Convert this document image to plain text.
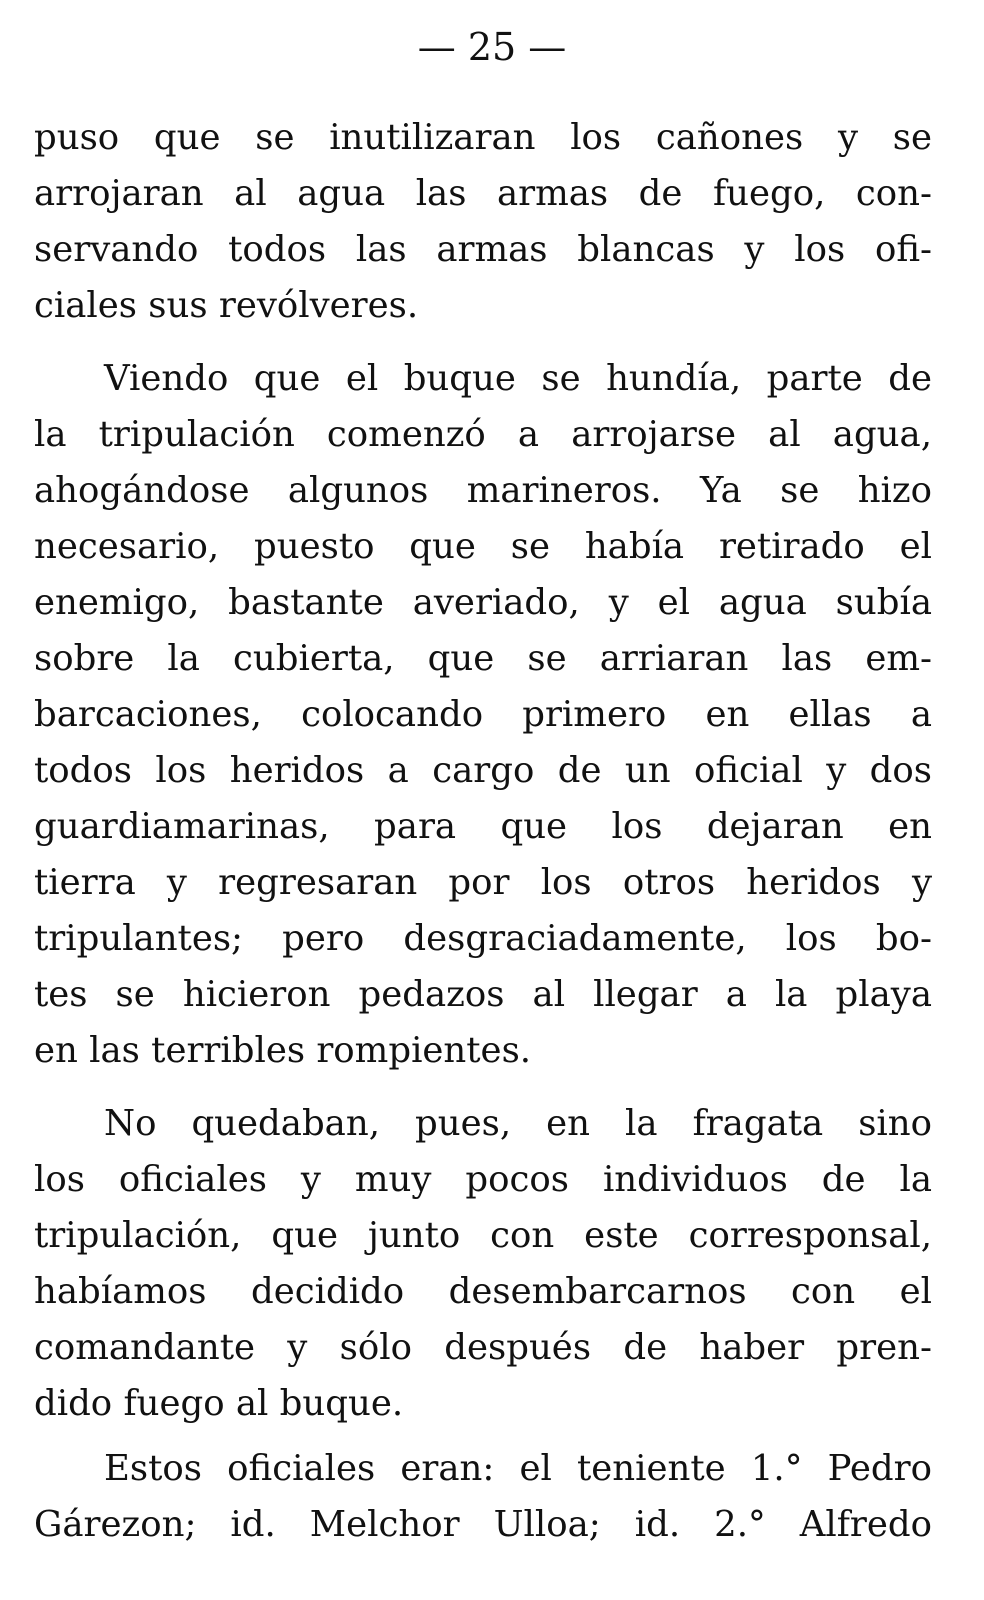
— 25 —
puso que se inutilizaran los cañones y se
arrojaran al agua las armas de fuego, con-
servando todos las armas blancas y los ofi-
ciales sus revólveres.
Viendo que el buque se hundía, parte de
la tripulación comenzó a arrojarse al agua,
ahogándose algunos marineros. Ya se hizo
necesario, puesto que se había retirado el
enemigo, bastante averiado, y el agua subía
sobre la cubierta, que se arriaran las em-
barcaciones, colocando primero en ellas a
todos los heridos a cargo de un oficial y dos
guardiamarinas, para que los dejaran en
tierra y regresaran por los otros heridos y
tripulantes; pero desgraciadamente, los bo-
tes se hicieron pedazos al llegar a la playa
en las terribles rompientes.
No quedaban, pues, en la fragata sino
los oficiales y muy pocos individuos de la
tripulación, que junto con este corresponsal,
habíamos decidido desembarcarnos con el
comandante y sólo después de haber pren-
dido fuego al buque.
Estos oficiales eran: el teniente 1.° Pedro
Gárezon; id. Melchor Ulloa; id. 2.° Alfredo
